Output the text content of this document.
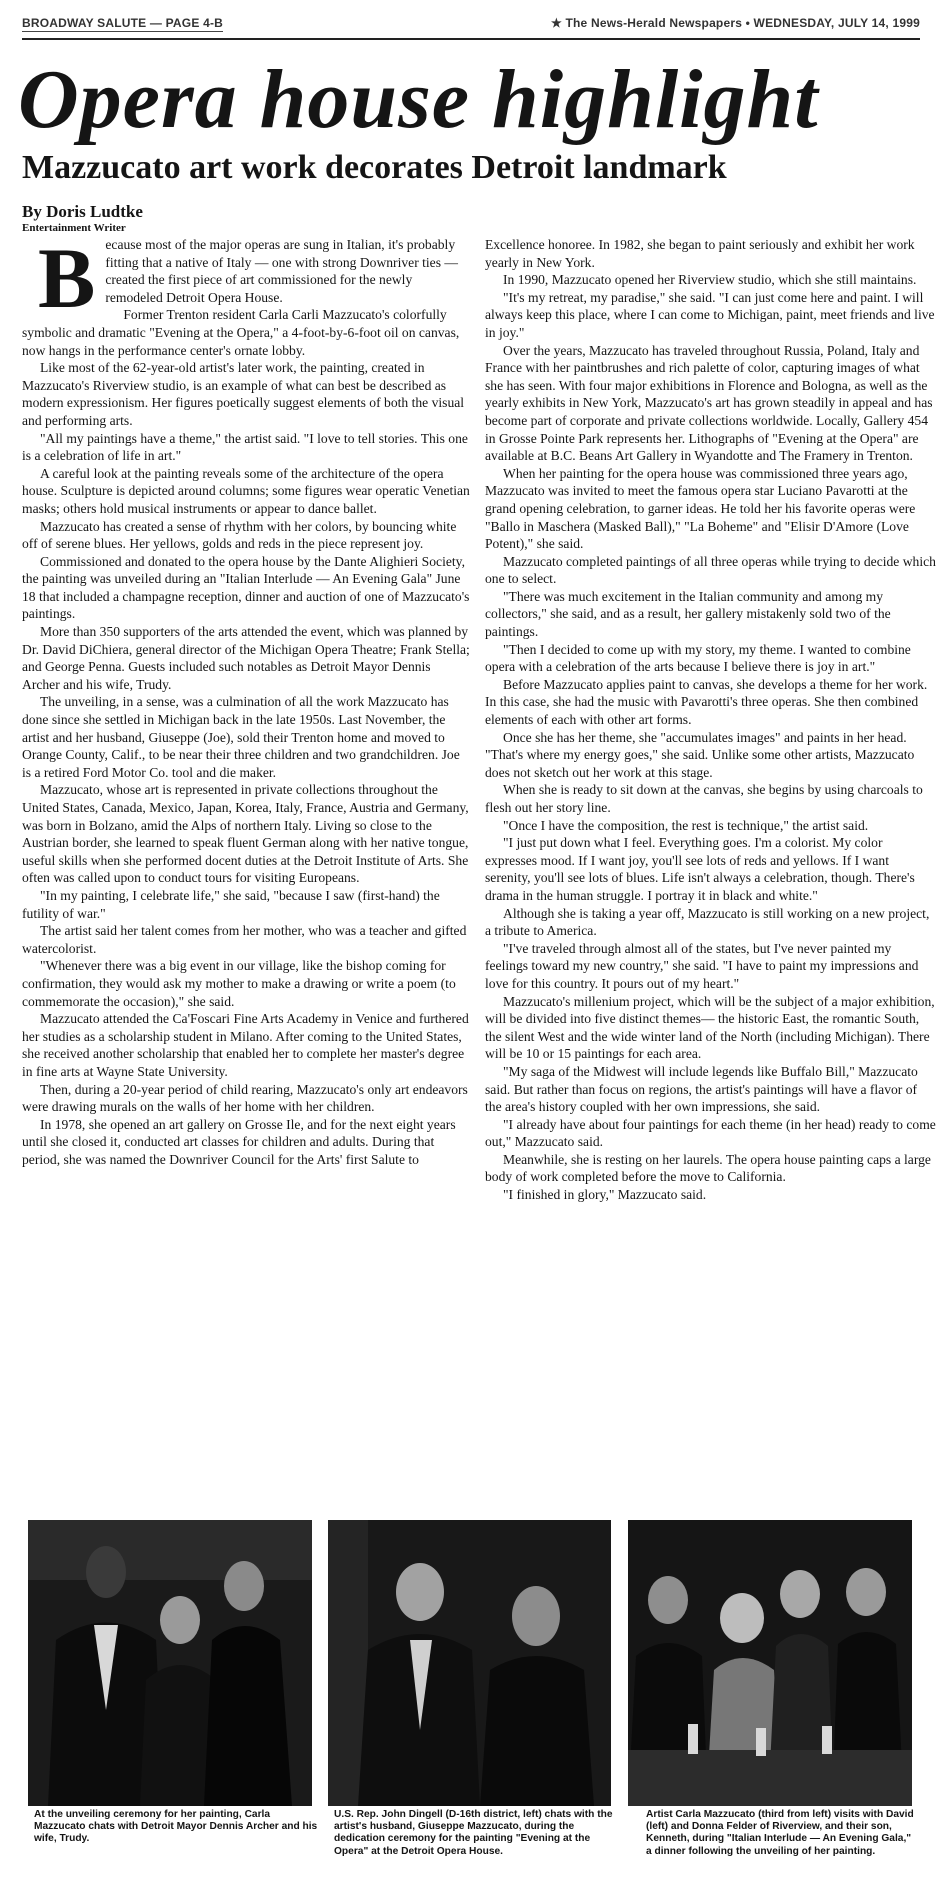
BROADWAY SALUTE — PAGE 4-B	★ The News-Herald Newspapers • WEDNESDAY, JULY 14, 1999
Opera house highlight
Mazzucato art work decorates Detroit landmark
By Doris Ludtke
Entertainment Writer

Because most of the major operas are sung in Italian, it's probably fitting that a native of Italy — one with strong Downriver ties — created the first piece of art commissioned for the newly remodeled Detroit Opera House.

Former Trenton resident Carla Carli Mazzucato's colorfully symbolic and dramatic "Evening at the Opera," a 4-foot-by-6-foot oil on canvas, now hangs in the performance center's ornate lobby.

Like most of the 62-year-old artist's later work, the painting, created in Mazzucato's Riverview studio, is an example of what can best be described as modern expressionism. Her figures poetically suggest elements of both the visual and performing arts.

"All my paintings have a theme," the artist said. "I love to tell stories. This one is a celebration of life in art."

A careful look at the painting reveals some of the architecture of the opera house. Sculpture is depicted around columns; some figures wear operatic Venetian masks; others hold musical instruments or appear to dance ballet.

Mazzucato has created a sense of rhythm with her colors, by bouncing white off of serene blues. Her yellows, golds and reds in the piece represent joy.

Commissioned and donated to the opera house by the Dante Alighieri Society, the painting was unveiled during an "Italian Interlude — An Evening Gala" June 18 that included a champagne reception, dinner and auction of one of Mazzucato's paintings.

More than 350 supporters of the arts attended the event, which was planned by Dr. David DiChiera, general director of the Michigan Opera Theatre; Frank Stella; and George Penna. Guests included such notables as Detroit Mayor Dennis Archer and his wife, Trudy.

The unveiling, in a sense, was a culmination of all the work Mazzucato has done since she settled in Michigan back in the late 1950s. Last November, the artist and her husband, Giuseppe (Joe), sold their Trenton home and moved to Orange County, Calif., to be near their three children and two grandchildren. Joe is a retired Ford Motor Co. tool and die maker.

Mazzucato, whose art is represented in private collections throughout the United States, Canada, Mexico, Japan, Korea, Italy, France, Austria and Germany, was born in Bolzano, amid the Alps of northern Italy. Living so close to the Austrian border, she learned to speak fluent German along with her native tongue, useful skills when she performed docent duties at the Detroit Institute of Arts. She often was called upon to conduct tours for visiting Europeans.

"In my painting, I celebrate life," she said, "because I saw (first-hand) the futility of war."

The artist said her talent comes from her mother, who was a teacher and gifted watercolorist.

"Whenever there was a big event in our village, like the bishop coming for confirmation, they would ask my mother to make a drawing or write a poem (to commemorate the occasion)," she said.

Mazzucato attended the Ca'Foscari Fine Arts Academy in Venice and furthered her studies as a scholarship student in Milano. After coming to the United States, she received another scholarship that enabled her to complete her master's degree in fine arts at Wayne State University.

Then, during a 20-year period of child rearing, Mazzucato's only art endeavors were drawing murals on the walls of her home with her children.

In 1978, she opened an art gallery on Grosse Ile, and for the next eight years until she closed it, conducted art classes for children and adults. During that period, she was named the Downriver Council for the Arts' first Salute to

Excellence honoree. In 1982, she began to paint seriously and exhibit her work yearly in New York.

In 1990, Mazzucato opened her Riverview studio, which she still maintains.

"It's my retreat, my paradise," she said. "I can just come here and paint. I will always keep this place, where I can come to Michigan, paint, meet friends and live in joy."

Over the years, Mazzucato has traveled throughout Russia, Poland, Italy and France with her paintbrushes and rich palette of color, capturing images of what she has seen. With four major exhibitions in Florence and Bologna, as well as the yearly exhibits in New York, Mazzucato's art has grown steadily in appeal and has become part of corporate and private collections worldwide. Locally, Gallery 454 in Grosse Pointe Park represents her. Lithographs of "Evening at the Opera" are available at B.C. Beans Art Gallery in Wyandotte and The Framery in Trenton.

When her painting for the opera house was commissioned three years ago, Mazzucato was invited to meet the famous opera star Luciano Pavarotti at the grand opening celebration, to garner ideas. He told her his favorite operas were "Ballo in Maschera (Masked Ball)," "La Boheme" and "Elisir D'Amore (Love Potent)," she said.

Mazzucato completed paintings of all three operas while trying to decide which one to select.

"There was much excitement in the Italian community and among my collectors," she said, and as a result, her gallery mistakenly sold two of the paintings.

"Then I decided to come up with my story, my theme. I wanted to combine opera with a celebration of the arts because I believe there is joy in art."

Before Mazzucato applies paint to canvas, she develops a theme for her work. In this case, she had the music with Pavarotti's three operas. She then combined elements of each with other art forms.

Once she has her theme, she "accumulates images" and paints in her head. "That's where my energy goes," she said. Unlike some other artists, Mazzucato does not sketch out her work at this stage.

When she is ready to sit down at the canvas, she begins by using charcoals to flesh out her story line.

"Once I have the composition, the rest is technique," the artist said.

"I just put down what I feel. Everything goes. I'm a colorist. My color expresses mood. If I want joy, you'll see lots of reds and yellows. If I want serenity, you'll see lots of blues. Life isn't always a celebration, though. There's drama in the human struggle. I portray it in black and white."

Although she is taking a year off, Mazzucato is still working on a new project, a tribute to America.

"I've traveled through almost all of the states, but I've never painted my feelings toward my new country," she said. "I have to paint my impressions and love for this country. It pours out of my heart."

Mazzucato's millenium project, which will be the subject of a major exhibition, will be divided into five distinct themes— the historic East, the romantic South, the silent West and the wide winter land of the North (including Michigan). There will be 10 or 15 paintings for each area.

"My saga of the Midwest will include legends like Buffalo Bill," Mazzucato said. But rather than focus on regions, the artist's paintings will have a flavor of the area's history coupled with her own impressions, she said.

"I already have about four paintings for each theme (in her head) ready to come out," Mazzucato said.

Meanwhile, she is resting on her laurels. The opera house painting caps a large body of work completed before the move to California.

"I finished in glory," Mazzucato said.

At the unveiling ceremony for her painting, Carla Mazzucato chats with Detroit Mayor Dennis Archer and his wife, Trudy.
U.S. Rep. John Dingell (D-16th district, left) chats with the artist's husband, Giuseppe Mazzucato, during the dedication ceremony for the painting "Evening at the Opera" at the Detroit Opera House.
Artist Carla Mazzucato (third from left) visits with David (left) and Donna Felder of Riverview, and their son, Kenneth, during "Italian Interlude — An Evening Gala," a dinner following the unveiling of her painting.
